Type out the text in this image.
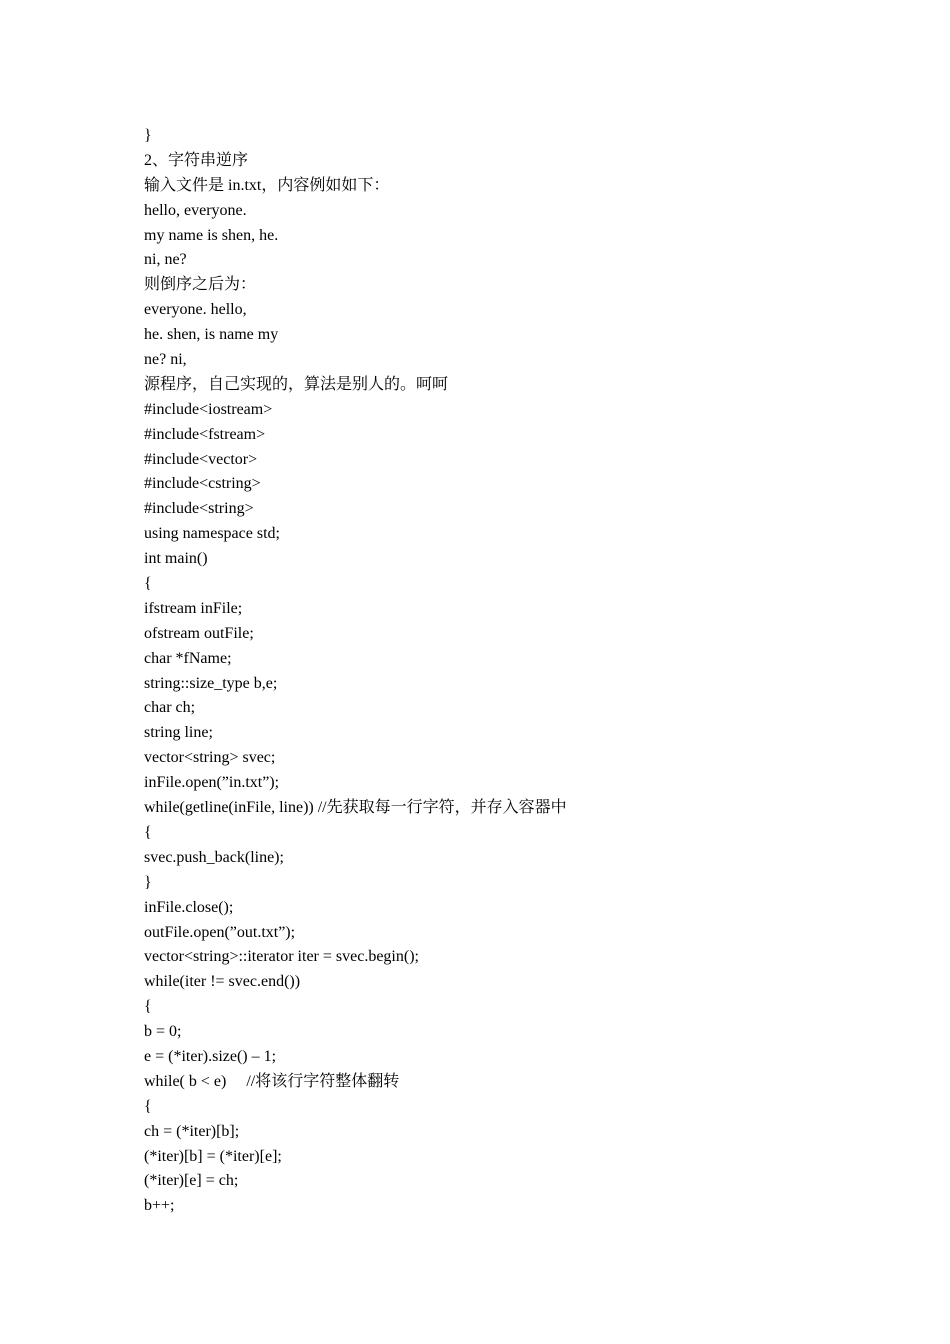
}
2、字符串逆序
输入文件是 in.txt，内容例如如下：
hello, everyone.
my name is shen, he.
ni, ne?
则倒序之后为：
everyone. hello,
he. shen, is name my
ne? ni,
源程序，自己实现的，算法是别人的。呵呵
#include<iostream>
#include<fstream>
#include<vector>
#include<cstring>
#include<string>
using namespace std;
int main()
{
ifstream inFile;
ofstream outFile;
char *fName;
string::size_type b,e;
char ch;
string line;
vector<string> svec;
inFile.open(”in.txt”);
while(getline(inFile, line)) //先获取每一行字符，并存入容器中
{
svec.push_back(line);
}
inFile.close();
outFile.open(”out.txt”);
vector<string>::iterator iter = svec.begin();
while(iter != svec.end())
{
b = 0;
e = (*iter).size() – 1;
while( b < e)     //将该行字符整体翻转
{
ch = (*iter)[b];
(*iter)[b] = (*iter)[e];
(*iter)[e] = ch;
b++;
